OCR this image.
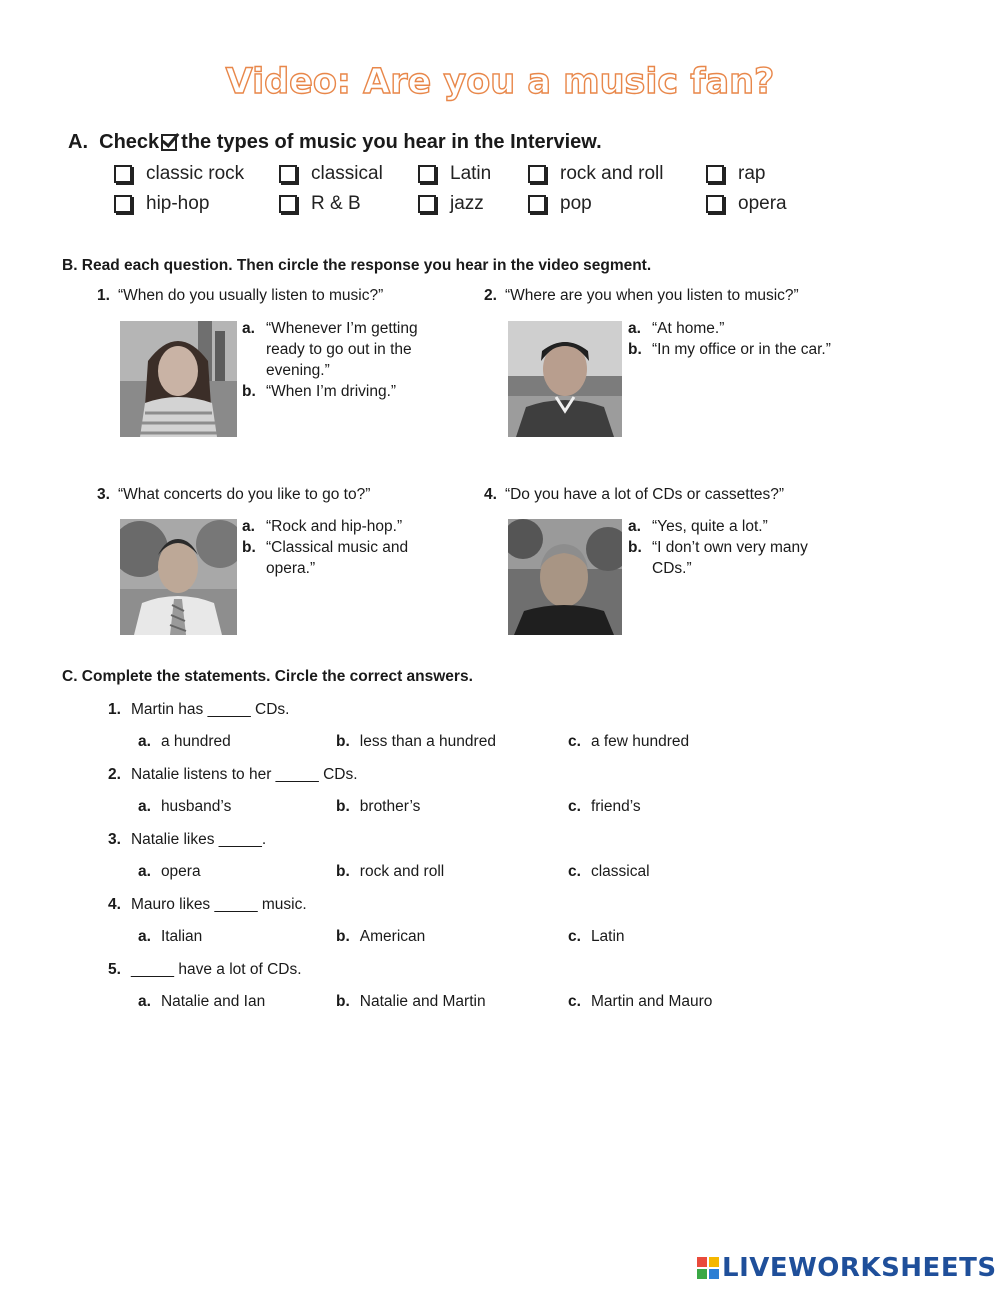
Video: Are you a music fan?
A. Check the types of music you hear in the Interview.
classic rock	classical	Latin	rock and roll	rap
hip-hop	R & B	jazz	pop	opera
B. Read each question. Then circle the response you hear in the video segment.
1. “When do you usually listen to music?”
a. “Whenever I’m getting ready to go out in the evening.”
b. “When I’m driving.”
2. “Where are you when you listen to music?”
a. “At home.”
b. “In my office or in the car.”
3. “What concerts do you like to go to?”
a. “Rock and hip-hop.”
b. “Classical music and opera.”
4. “Do you have a lot of CDs or cassettes?”
a. “Yes, quite a lot.”
b. “I don’t own very many CDs.”
C. Complete the statements. Circle the correct answers.
1. Martin has _____ CDs.
a. a hundred	b. less than a hundred	c. a few hundred
2. Natalie listens to her _____ CDs.
a. husband’s	b. brother’s	c. friend’s
3. Natalie likes _____.
a. opera	b. rock and roll	c. classical
4. Mauro likes _____ music.
a. Italian	b. American	c. Latin
5. _____ have a lot of CDs.
a. Natalie and Ian	b. Natalie and Martin	c. Martin and Mauro
LIVEWORKSHEETS
